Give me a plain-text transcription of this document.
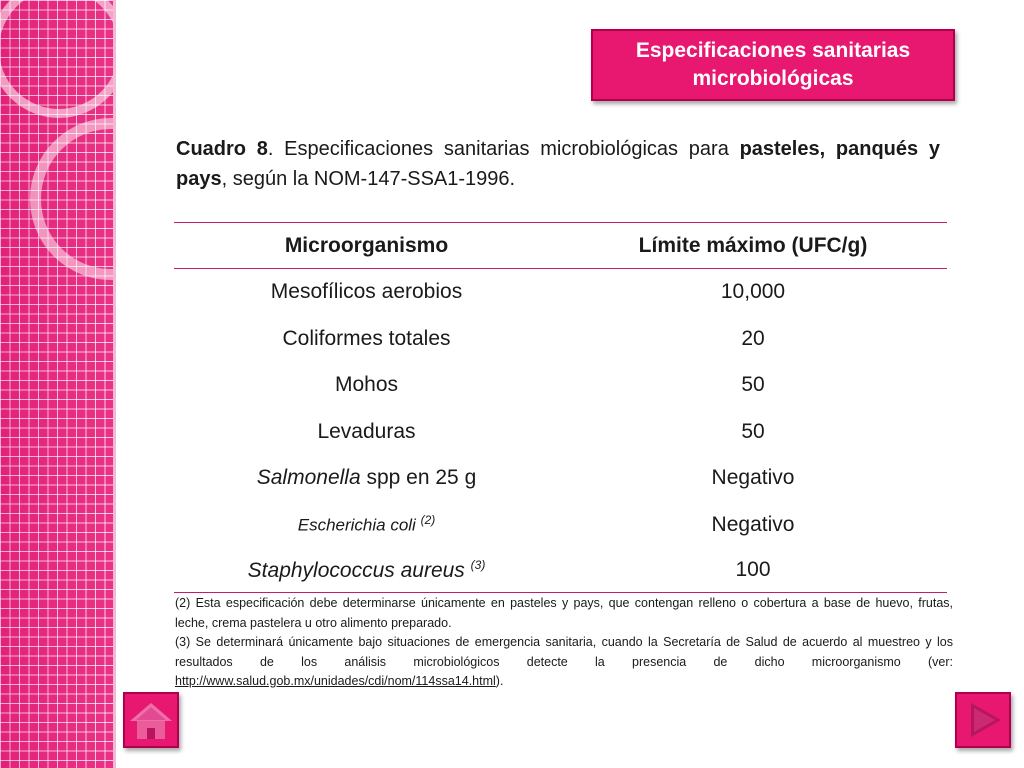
Especificaciones sanitarias microbiológicas
Cuadro 8. Especificaciones sanitarias microbiológicas para pasteles, panqués y pays, según la NOM-147-SSA1-1996.
Microorganismo	Límite máximo (UFC/g)
Mesofílicos aerobios	10,000
Coliformes totales	20
Mohos	50
Levaduras	50
Salmonella spp en 25 g	Negativo
Escherichia coli $^{(2)}$	Negativo
Staphylococcus aureus $^{(3)}$	100

(2) Esta especificación debe determinarse únicamente en pasteles y pays, que contengan relleno o cobertura a base de huevo, frutas, leche, crema pastelera u otro alimento preparado.

(3) Se determinará únicamente bajo situaciones de emergencia sanitaria, cuando la Secretaría de Salud de acuerdo al muestreo y los resultados de los análisis microbiológicos detecte la presencia de dicho microorganismo (ver: http://www.salud.gob.mx/unidades/cdi/nom/114ssa14.html).
